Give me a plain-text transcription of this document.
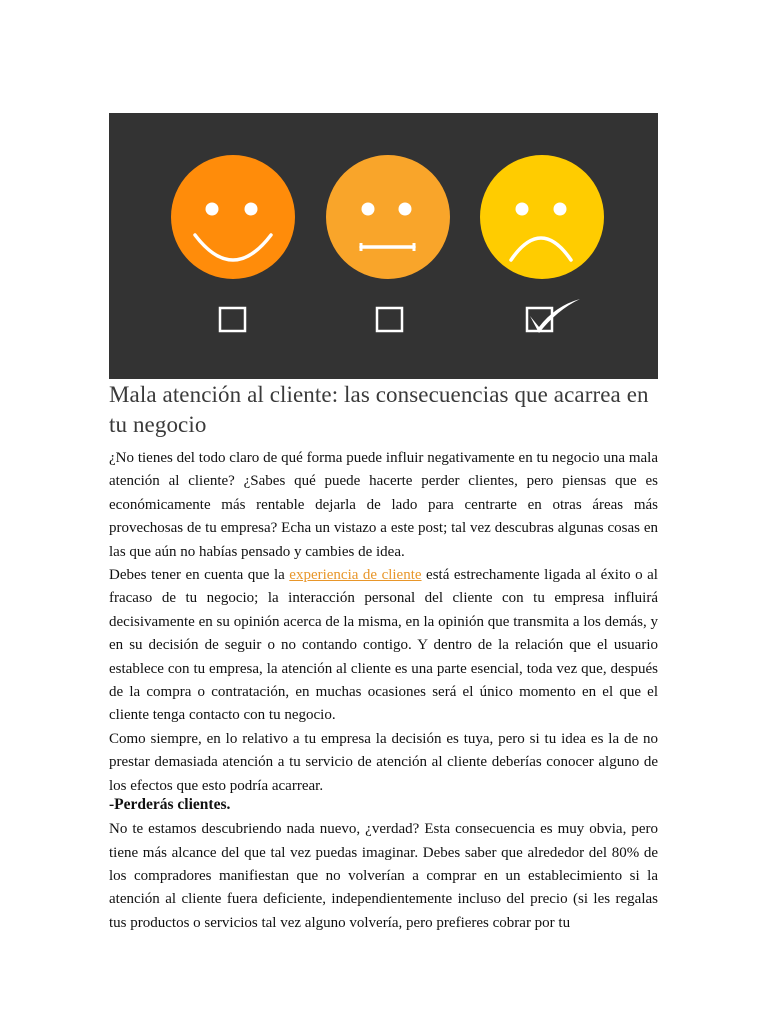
Mala atención al cliente: las consecuencias que acarrea en tu negocio

¿No tienes del todo claro de qué forma puede influir negativamente en tu negocio una mala atención al cliente? ¿Sabes qué puede hacerte perder clientes, pero piensas que es económicamente más rentable dejarla de lado para centrarte en otras áreas más provechosas de tu empresa? Echa un vistazo a este post; tal vez descubras algunas cosas en las que aún no habías pensado y cambies de idea.

Debes tener en cuenta que la experiencia de cliente está estrechamente ligada al éxito o al fracaso de tu negocio; la interacción personal del cliente con tu empresa influirá decisivamente en su opinión acerca de la misma, en la opinión que transmita a los demás, y en su decisión de seguir o no contando contigo. Y dentro de la relación que el usuario establece con tu empresa, la atención al cliente es una parte esencial, toda vez que, después de la compra o contratación, en muchas ocasiones será el único momento en el que el cliente tenga contacto con tu negocio.

Como siempre, en lo relativo a tu empresa la decisión es tuya, pero si tu idea es la de no prestar demasiada atención a tu servicio de atención al cliente deberías conocer alguno de los efectos que esto podría acarrear.

-Perderás clientes.

No te estamos descubriendo nada nuevo, ¿verdad? Esta consecuencia es muy obvia, pero tiene más alcance del que tal vez puedas imaginar. Debes saber que alrededor del 80% de los compradores manifiestan que no volverían a comprar en un establecimiento si la atención al cliente fuera deficiente, independientemente incluso del precio (si les regalas tus productos o servicios tal vez alguno volvería, pero prefieres cobrar por tu
